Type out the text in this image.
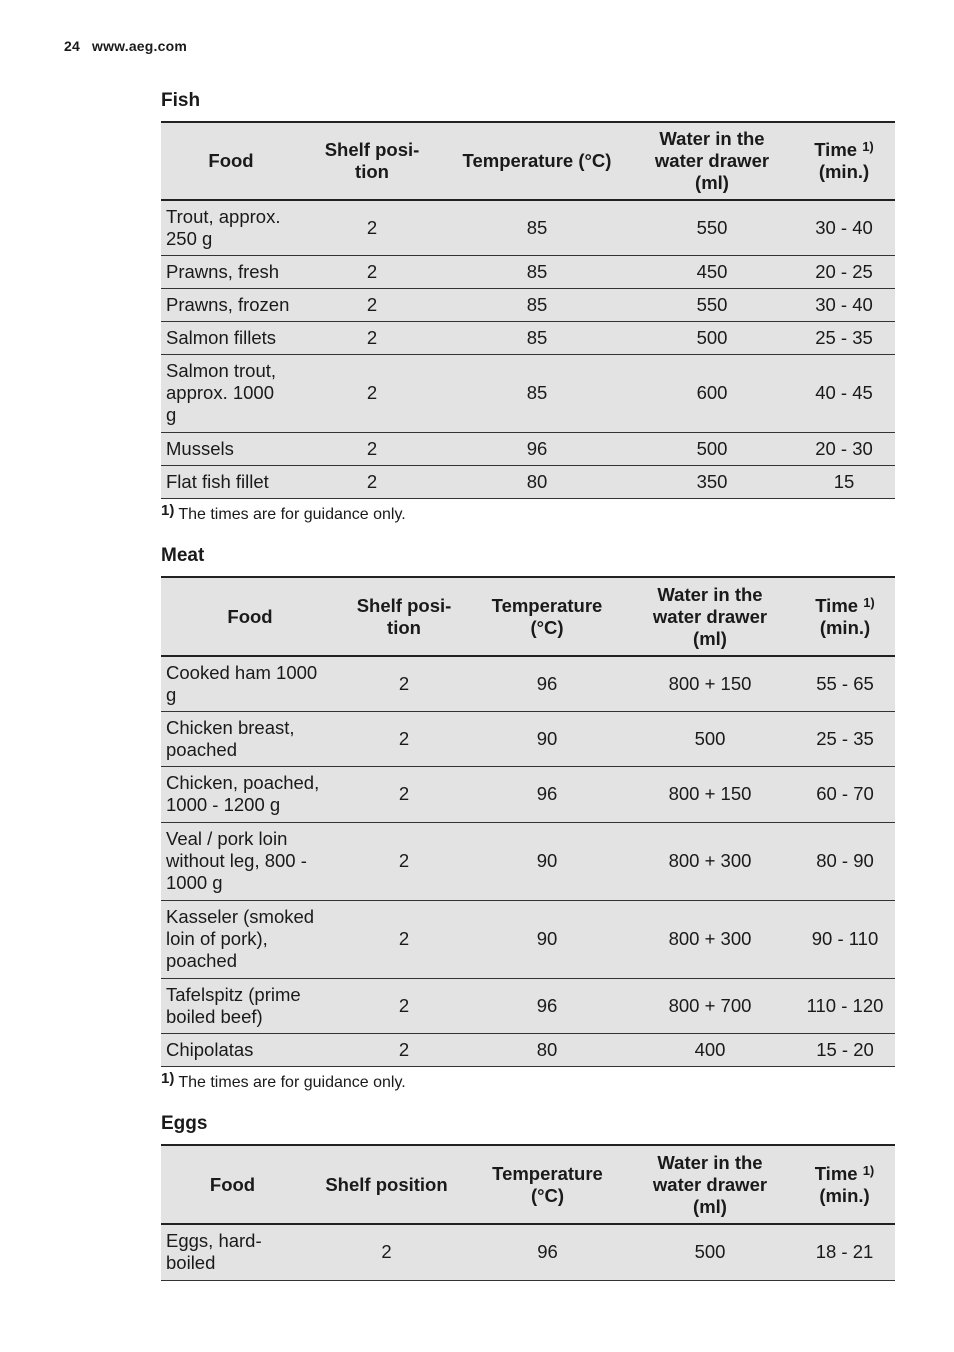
24 www.aeg.com
Fish
Food	Shelf posi-
tion	Temperature (°C)	Water in the
water drawer
(ml)	Time $^{1)}$
(min.)
Trout, approx.
250 g	2	85	550	30 - 40
Prawns, fresh	2	85	450	20 - 25
Prawns, frozen	2	85	550	30 - 40
Salmon fillets	2	85	500	25 - 35
Salmon trout,
approx. 1000
g	2	85	600	40 - 45
Mussels	2	96	500	20 - 30
Flat fish fillet	2	80	350	15
1) The times are for guidance only.
Meat
Food	Shelf posi-
tion	Temperature
(°C)	Water in the
water drawer
(ml)	Time $^{1)}$
(min.)
Cooked ham 1000
g	2	96	800 + 150	55 - 65
Chicken breast,
poached	2	90	500	25 - 35
Chicken, poached,
1000 - 1200 g	2	96	800 + 150	60 - 70
Veal / pork loin
without leg, 800 -
1000 g	2	90	800 + 300	80 - 90
Kasseler (smoked
loin of pork),
poached	2	90	800 + 300	90 - 110
Tafelspitz (prime
boiled beef)	2	96	800 + 700	110 - 120
Chipolatas	2	80	400	15 - 20
1) The times are for guidance only.
Eggs
Food	Shelf position	Temperature
(°C)	Water in the
water drawer
(ml)	Time $^{1)}$
(min.)
Eggs, hard-
boiled	2	96	500	18 - 21
